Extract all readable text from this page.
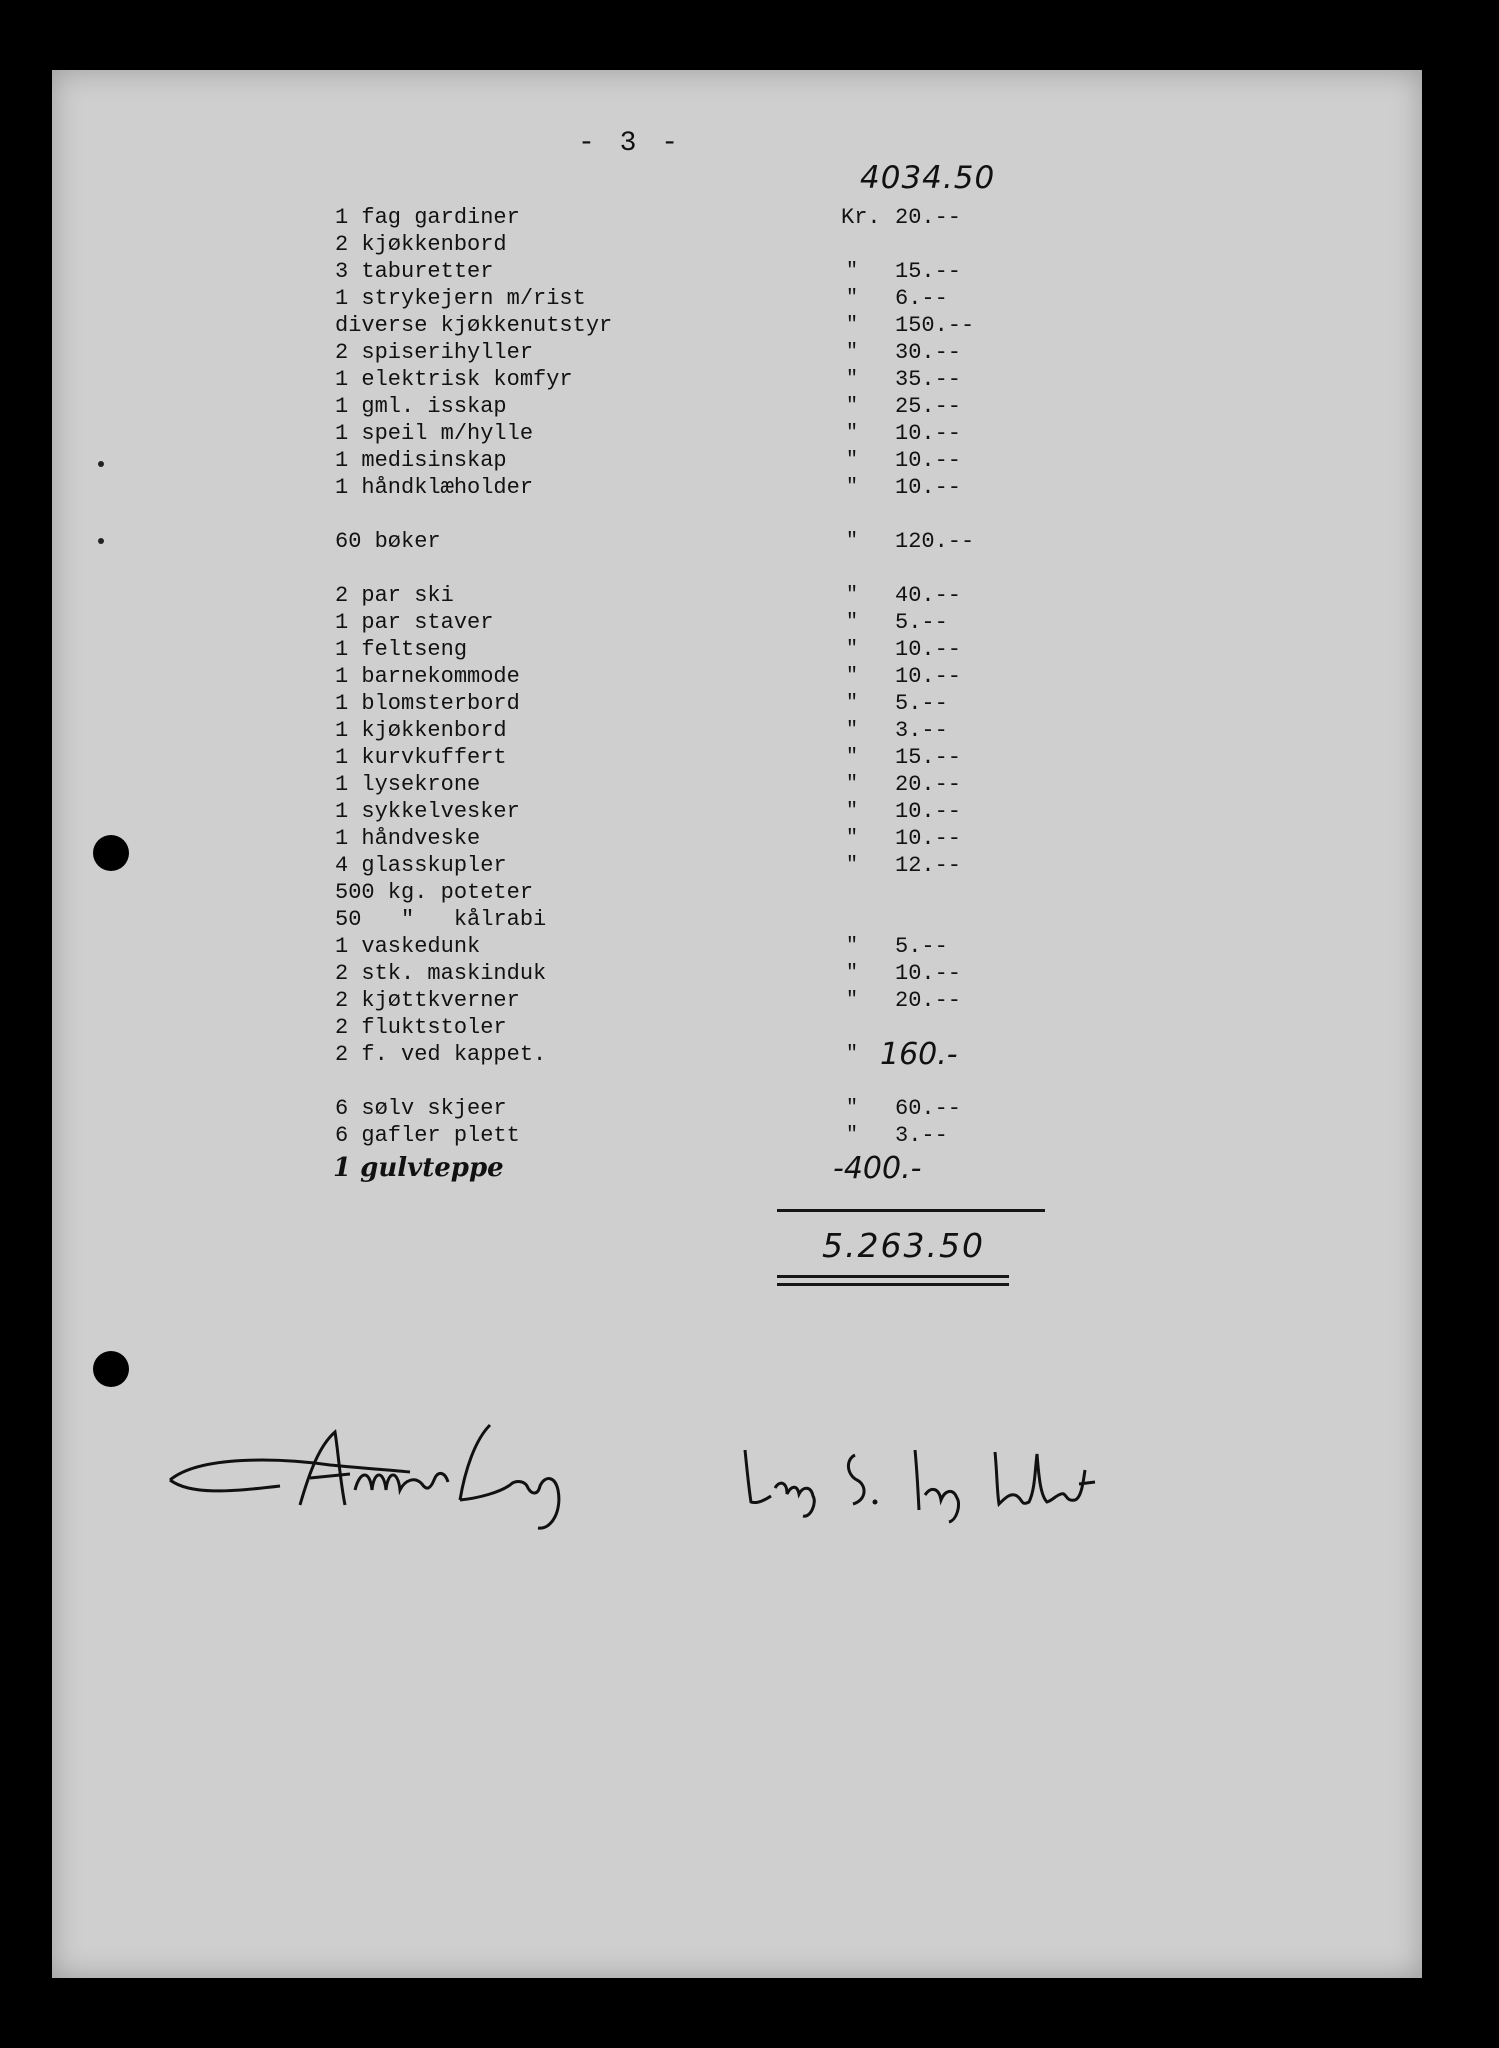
- 3 -
4034.50
1 fag gardiner	Kr. 20.--
2 kjøkkenbord
3 taburetter	" 15.--
1 strykejern m/rist	" 6.--
diverse kjøkkenutstyr	" 150.--
2 spiserihyller	" 30.--
1 elektrisk komfyr	" 35.--
1 gml. isskap	" 25.--
1 speil m/hylle	" 10.--
1 medisinskap	" 10.--
1 håndklæholder	" 10.--
60 bøker	" 120.--
2 par ski	" 40.--
1 par staver	" 5.--
1 feltseng	" 10.--
1 barnekommode	" 10.--
1 blomsterbord	" 5.--
1 kjøkkenbord	" 3.--
1 kurvkuffert	" 15.--
1 lysekrone	" 20.--
1 sykkelvesker	" 10.--
1 håndveske	" 10.--
4 glasskupler	" 12.--
500 kg. poteter
50   "   kålrabi
1 vaskedunk	" 5.--
2 stk. maskinduk	" 10.--
2 kjøttkverner	" 20.--
2 fluktstoler
2 f. ved kappet.	" 160.-
6 sølv skjeer	" 60.--
6 gafler plett	" 3.--
1 gulvteppe	-400.-
5.263.50
